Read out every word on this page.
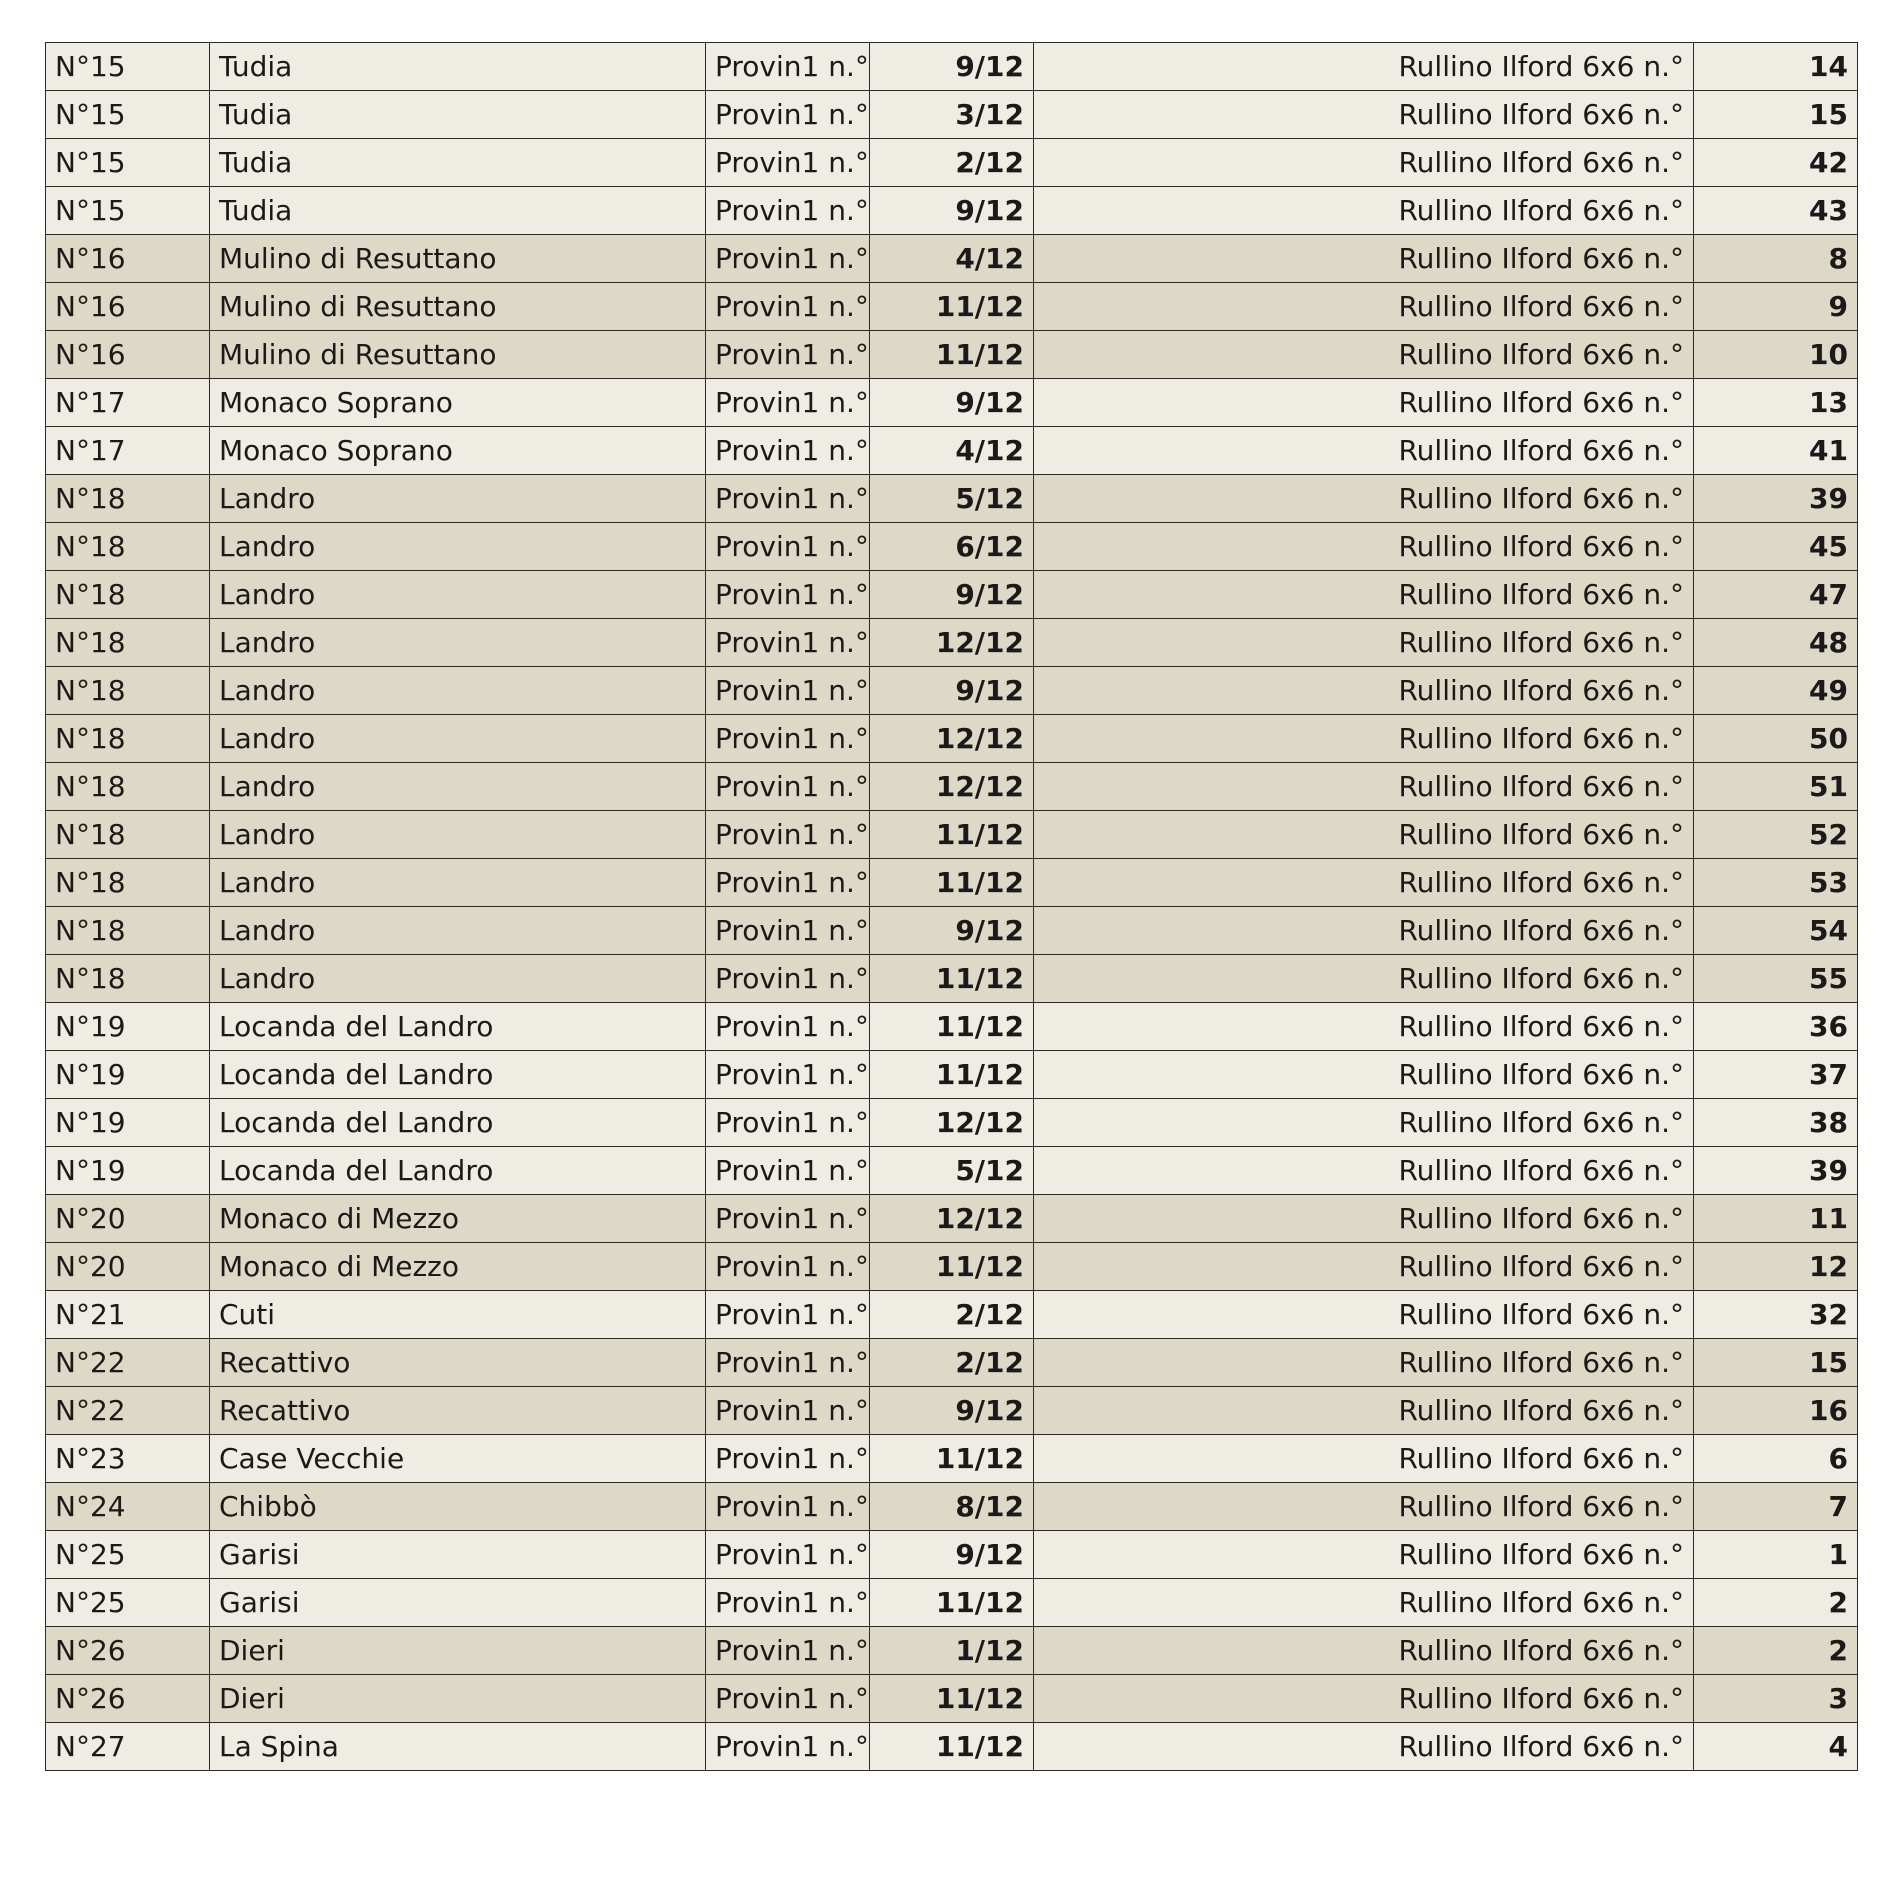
N°15	Tudia	Provin1 n.°	9/12	Rullino Ilford 6x6 n.°	14
N°15	Tudia	Provin1 n.°	3/12	Rullino Ilford 6x6 n.°	15
N°15	Tudia	Provin1 n.°	2/12	Rullino Ilford 6x6 n.°	42
N°15	Tudia	Provin1 n.°	9/12	Rullino Ilford 6x6 n.°	43
N°16	Mulino di Resuttano	Provin1 n.°	4/12	Rullino Ilford 6x6 n.°	8
N°16	Mulino di Resuttano	Provin1 n.°	11/12	Rullino Ilford 6x6 n.°	9
N°16	Mulino di Resuttano	Provin1 n.°	11/12	Rullino Ilford 6x6 n.°	10
N°17	Monaco Soprano	Provin1 n.°	9/12	Rullino Ilford 6x6 n.°	13
N°17	Monaco Soprano	Provin1 n.°	4/12	Rullino Ilford 6x6 n.°	41
N°18	Landro	Provin1 n.°	5/12	Rullino Ilford 6x6 n.°	39
N°18	Landro	Provin1 n.°	6/12	Rullino Ilford 6x6 n.°	45
N°18	Landro	Provin1 n.°	9/12	Rullino Ilford 6x6 n.°	47
N°18	Landro	Provin1 n.°	12/12	Rullino Ilford 6x6 n.°	48
N°18	Landro	Provin1 n.°	9/12	Rullino Ilford 6x6 n.°	49
N°18	Landro	Provin1 n.°	12/12	Rullino Ilford 6x6 n.°	50
N°18	Landro	Provin1 n.°	12/12	Rullino Ilford 6x6 n.°	51
N°18	Landro	Provin1 n.°	11/12	Rullino Ilford 6x6 n.°	52
N°18	Landro	Provin1 n.°	11/12	Rullino Ilford 6x6 n.°	53
N°18	Landro	Provin1 n.°	9/12	Rullino Ilford 6x6 n.°	54
N°18	Landro	Provin1 n.°	11/12	Rullino Ilford 6x6 n.°	55
N°19	Locanda del Landro	Provin1 n.°	11/12	Rullino Ilford 6x6 n.°	36
N°19	Locanda del Landro	Provin1 n.°	11/12	Rullino Ilford 6x6 n.°	37
N°19	Locanda del Landro	Provin1 n.°	12/12	Rullino Ilford 6x6 n.°	38
N°19	Locanda del Landro	Provin1 n.°	5/12	Rullino Ilford 6x6 n.°	39
N°20	Monaco di Mezzo	Provin1 n.°	12/12	Rullino Ilford 6x6 n.°	11
N°20	Monaco di Mezzo	Provin1 n.°	11/12	Rullino Ilford 6x6 n.°	12
N°21	Cuti	Provin1 n.°	2/12	Rullino Ilford 6x6 n.°	32
N°22	Recattivo	Provin1 n.°	2/12	Rullino Ilford 6x6 n.°	15
N°22	Recattivo	Provin1 n.°	9/12	Rullino Ilford 6x6 n.°	16
N°23	Case Vecchie	Provin1 n.°	11/12	Rullino Ilford 6x6 n.°	6
N°24	Chibbò	Provin1 n.°	8/12	Rullino Ilford 6x6 n.°	7
N°25	Garisi	Provin1 n.°	9/12	Rullino Ilford 6x6 n.°	1
N°25	Garisi	Provin1 n.°	11/12	Rullino Ilford 6x6 n.°	2
N°26	Dieri	Provin1 n.°	1/12	Rullino Ilford 6x6 n.°	2
N°26	Dieri	Provin1 n.°	11/12	Rullino Ilford 6x6 n.°	3
N°27	La Spina	Provin1 n.°	11/12	Rullino Ilford 6x6 n.°	4
